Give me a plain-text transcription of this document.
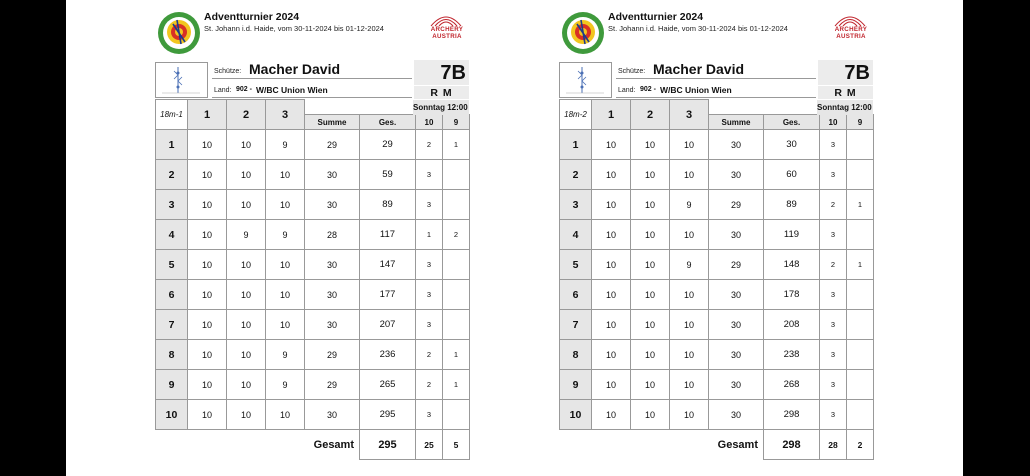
Adventturnier 2024
St. Johann i.d. Haide, vom 30-11-2024 bis 01-12-2024	ARCHERY AUSTRIA
Schütze: Macher David
Land: 902 - W/BC Union Wien
7B
R M
18m-1	1	2	3			
				Summe	Ges.	10	9
1	10	10	9	29	29	2	1
2	10	10	10	30	59	3	
3	10	10	10	30	89	3	
4	10	9	9	28	117	1	2
5	10	10	10	30	147	3	
6	10	10	10	30	177	3	
7	10	10	10	30	207	3	
8	10	10	9	29	236	2	1
9	10	10	9	29	265	2	1
10	10	10	10	30	295	3	
Gesamt					295	25	5
Sonntag 12:00
Adventturnier 2024
St. Johann i.d. Haide, vom 30-11-2024 bis 01-12-2024	ARCHERY AUSTRIA
Schütze: Macher David
Land: 902 - W/BC Union Wien
7B
R M
18m-2	1	2	3			
				Summe	Ges.	10	9
1	10	10	10	30	30	3	
2	10	10	10	30	60	3	
3	10	10	9	29	89	2	1
4	10	10	10	30	119	3	
5	10	10	9	29	148	2	1
6	10	10	10	30	178	3	
7	10	10	10	30	208	3	
8	10	10	10	30	238	3	
9	10	10	10	30	268	3	
10	10	10	10	30	298	3	
Gesamt					298	28	2
Sonntag 12:00
